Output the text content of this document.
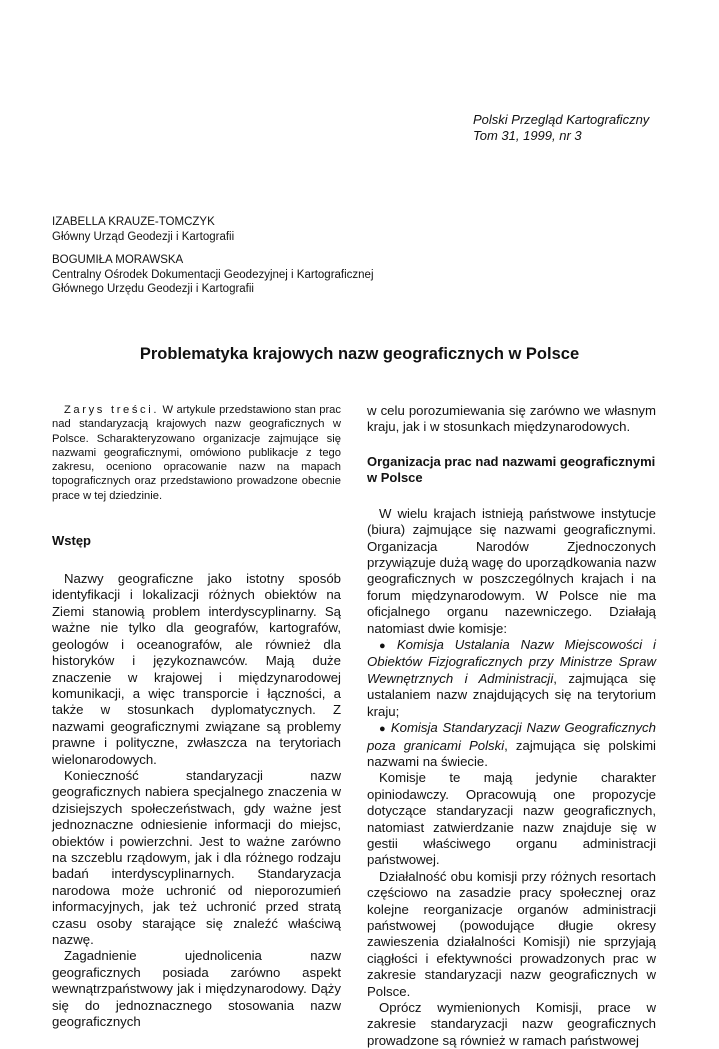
Polski Przegląd Kartograficzny
Tom 31, 1999, nr 3
IZABELLA KRAUZE-TOMCZYK
Główny Urząd Geodezji i Kartografii
BOGUMIŁA MORAWSKA
Centralny Ośrodek Dokumentacji Geodezyjnej i Kartograficznej
Głównego Urzędu Geodezji i Kartografii
Problematyka krajowych nazw geograficznych w Polsce

Zarys treści. W artykule przedstawiono stan prac nad standaryzacją krajowych nazw geograficznych w Polsce. Scharakteryzowano organizacje zajmujące się nazwami geograficznymi, omówiono publikacje z tego zakresu, oceniono opracowanie nazw na mapach topograficznych oraz przedstawiono prowadzone obecnie prace w tej dziedzinie.

Wstęp

Nazwy geograficzne jako istotny sposób identyfikacji i lokalizacji różnych obiektów na Ziemi stanowią problem interdyscyplinarny. Są ważne nie tylko dla geografów, kartografów, geologów i oceanografów, ale również dla historyków i językoznawców. Mają duże znaczenie w krajowej i międzynarodowej komunikacji, a więc transporcie i łączności, a także w stosunkach dyplomatycznych. Z nazwami geograficznymi związane są problemy prawne i polityczne, zwłaszcza na terytoriach wielonarodowych.

Konieczność standaryzacji nazw geograficznych nabiera specjalnego znaczenia w dzisiejszych społeczeństwach, gdy ważne jest jednoznaczne odniesienie informacji do miejsc, obiektów i powierzchni. Jest to ważne zarówno na szczeblu rządowym, jak i dla różnego rodzaju badań interdyscyplinarnych. Standaryzacja narodowa może uchronić od nieporozumień informacyjnych, jak też uchronić przed stratą czasu osoby starające się znaleźć właściwą nazwę.

Zagadnienie ujednolicenia nazw geograficznych posiada zarówno aspekt wewnątrzpaństwowy jak i międzynarodowy. Dąży się do jednoznacznego stosowania nazw geograficznych

w celu porozumiewania się zarówno we własnym kraju, jak i w stosunkach międzynarodowych.

Organizacja prac nad nazwami geograficznymi w Polsce

W wielu krajach istnieją państwowe instytucje (biura) zajmujące się nazwami geograficznymi. Organizacja Narodów Zjednoczonych przywiązuje dużą wagę do uporządkowania nazw geograficznych w poszczególnych krajach i na forum międzynarodowym. W Polsce nie ma oficjalnego organu nazewniczego. Działają natomiast dwie komisje:

● Komisja Ustalania Nazw Miejscowości i Obiektów Fizjograficznych przy Ministrze Spraw Wewnętrznych i Administracji, zajmująca się ustalaniem nazw znajdujących się na terytorium kraju;

● Komisja Standaryzacji Nazw Geograficznych poza granicami Polski, zajmująca się polskimi nazwami na świecie.

Komisje te mają jedynie charakter opiniodawczy. Opracowują one propozycje dotyczące standaryzacji nazw geograficznych, natomiast zatwierdzanie nazw znajduje się w gestii właściwego organu administracji państwowej.

Działalność obu komisji przy różnych resortach częściowo na zasadzie pracy społecznej oraz kolejne reorganizacje organów administracji państwowej (powodujące długie okresy zawieszenia działalności Komisji) nie sprzyjają ciągłości i efektywności prowadzonych prac w zakresie standaryzacji nazw geograficznych w Polsce.

Oprócz wymienionych Komisji, prace w zakresie standaryzacji nazw geograficznych prowadzone są również w ramach państwowej
